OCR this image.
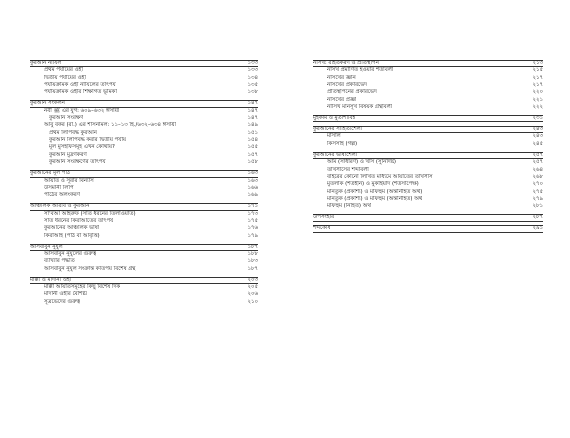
কুরআন নাযিল	১৩৩
প্রথম পর্যায়ের ওহী	১৩৩
দ্বিতীয় পর্যায়ের ওহী	১৩৪
পর্যায়ক্রমিক ওহী নাযিলের তাৎপর্য	১৩৫
পর্যায়ক্রমিক ওহীর শিক্ষাগত ভূমিকা	১৩৮
কুরআন সংকলন	১৪৭
নবী ﷺ এর যুগ: ৬০৯–৬৩২ ঈসায়ী	১৪৭
কুরআন সংরক্ষণ	১৪৭
আবু বকর (রা.) এর শাসনামল: ১১–১৩ হি./৬৩২–৬৩৪ ঈসায়ী	১৪৯
প্রথম লিপিবদ্ধ কুরআন	১৫১
কুরআন লিপিবদ্ধ করার দ্বিতীয় পর্যায়	১৫৪
মূল মুসহাফসমূহ এখন কোথায়?	১৫৫
কুরআন মুদ্রণকরণ	১৫৭
কুরআন সংরক্ষণের তাৎপর্য	১৫৮
কুরআনের মূল পাঠ	১৬৩
আয়াত ও সূরার বিন্যাস	১৬৩
উসমানী লিপি	১৬৬
পাঠের অলংকরণ	১৬৯
আঞ্চলিক আরবি ও কুরআন	১৭১
সা'বআ আহরুফ (সাত ধরনের তিলাওয়াত)	১৭৩
সাত ধরনের কিরাআতের তাৎপর্য	১৭৫
কুরআনের আঞ্চলিক ভাষা	১৭৬
কিরাআহ (পাঠ বা আবৃত্তি)	১৭৯
আসবাবুন নুযুল	১৮৭
আসবাবুন নুযুলের গুরুত্ব	১৮৮
ব্যাখ্যার পদ্ধতি	১৮৩
আসবাবুন নুযুল সংক্রান্ত কতিপয় বিশেষ গ্রন্থ	১৮৭
মাক্কী ও মাদানী ওহী	২০৩
মাক্কী আয়াতসমূহের কিছু বিশেষ দিক	২০৫
মাদানী ওহীর বৈশিষ্ট্য	২০৬
সূত্রভেদের গুরুত্ব	২১০
নাসখ: রহিতকরণ ও প্রতিস্থাপন	২১৩
নাসখ প্রমাণিত হওয়ার শর্তাবলী	২১৫
নাসখের জ্ঞান	২১৭
নাসখের প্রকারভেদ	২১৭
প্রতিস্থাপনের প্রকারভেদ	২২০
নাসখের প্রজ্ঞা	২২১
নাসিখ মানসূখ বিষয়ক গ্রন্থাবলী	২২২
মুহকাম ও মুতাশাবিহ	২৩১
কুরআনের সাহিত্যশৈলী	২৪৩
মাসাল	২৪৩
কিসসাহ (গল্প)	২৪৫
কুরআনের ভাষাশৈলী	২৫৭
আম (সাধারণ) ও খাস (সুনির্দিষ্ট)	২৫৭
তাখসীসের শব্দাবলী	২৬৪
বাইরের কোনো লিখিত মাধ্যমে আয়াতের তাখসীস	২৬৮
মুতলাক (শর্তহীন) ও মুকাইয়াদ (শর্তসাপেক্ষ)	২৭০
মানতুক (প্রকাশ্য) ও মাফহুম (অন্তর্নিহিত অর্থ)	২৭৫
মানতুক (প্রকাশ্য) ও মাফহুম (অন্তর্নিহিত) অর্থ	২৭৯
মাফহুম (নিহিত) অর্থ	২৮১
উপসংহার	২৮৭
শব্দকোষ	২৯১
